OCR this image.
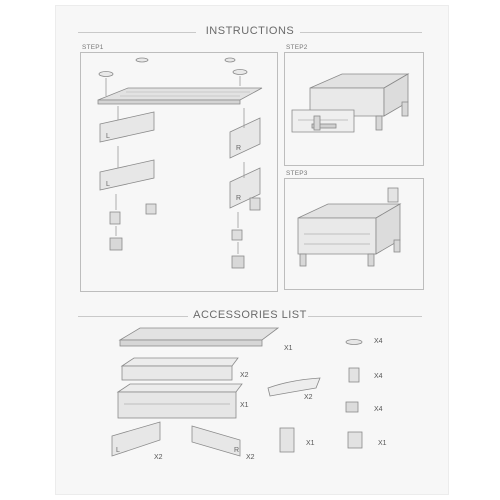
INSTRUCTIONS
STEP1
L
L
R
R
STEP2
STEP3
ACCESSORIES LIST
L	R
X1
X2
X1
X2	X2
X2
X4
X4
X4
X1	X1
